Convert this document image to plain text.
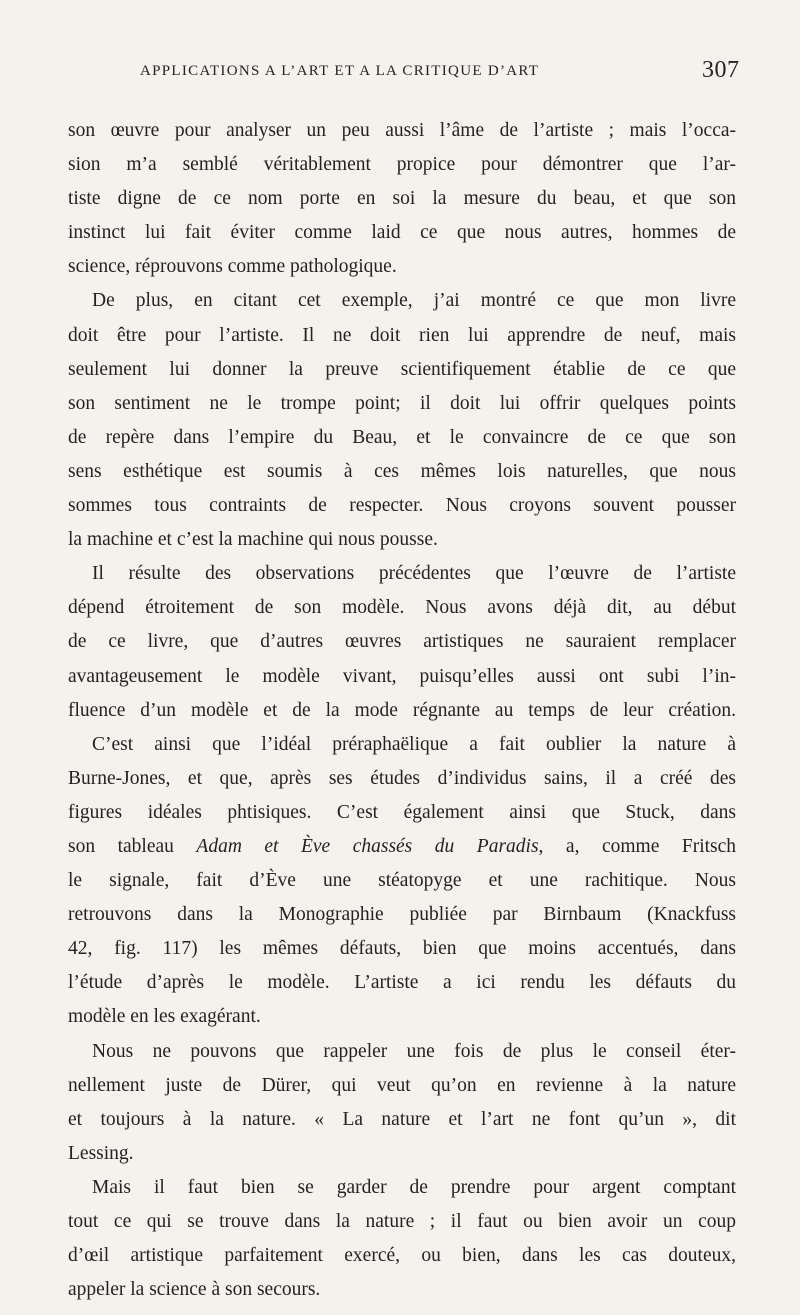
APPLICATIONS A L’ART ET A LA CRITIQUE D’ART	307
son œuvre pour analyser un peu aussi l’âme de l’artiste ; mais l’occa-
sion m’a semblé véritablement propice pour démontrer que l’ar-
tiste digne de ce nom porte en soi la mesure du beau, et que son
instinct lui fait éviter comme laid ce que nous autres, hommes de
science, réprouvons comme pathologique.
De plus, en citant cet exemple, j’ai montré ce que mon livre
doit être pour l’artiste. Il ne doit rien lui apprendre de neuf, mais
seulement lui donner la preuve scientifiquement établie de ce que
son sentiment ne le trompe point; il doit lui offrir quelques points
de repère dans l’empire du Beau, et le convaincre de ce que son
sens esthétique est soumis à ces mêmes lois naturelles, que nous
sommes tous contraints de respecter. Nous croyons souvent pousser
la machine et c’est la machine qui nous pousse.
Il résulte des observations précédentes que l’œuvre de l’artiste
dépend étroitement de son modèle. Nous avons déjà dit, au début
de ce livre, que d’autres œuvres artistiques ne sauraient remplacer
avantageusement le modèle vivant, puisqu’elles aussi ont subi l’in-
fluence d’un modèle et de la mode régnante au temps de leur création.
C’est ainsi que l’idéal préraphaëlique a fait oublier la nature à
Burne-Jones, et que, après ses études d’individus sains, il a créé des
figures idéales phtisiques. C’est également ainsi que Stuck, dans
son tableau Adam et Ève chassés du Paradis, a, comme Fritsch
le signale, fait d’Ève une stéatopyge et une rachitique. Nous
retrouvons dans la Monographie publiée par Birnbaum (Knackfuss
42, fig. 117) les mêmes défauts, bien que moins accentués, dans
l’étude d’après le modèle. L’artiste a ici rendu les défauts du
modèle en les exagérant.
Nous ne pouvons que rappeler une fois de plus le conseil éter-
nellement juste de Dürer, qui veut qu’on en revienne à la nature
et toujours à la nature. « La nature et l’art ne font qu’un », dit
Lessing.
Mais il faut bien se garder de prendre pour argent comptant
tout ce qui se trouve dans la nature ; il faut ou bien avoir un coup
d’œil artistique parfaitement exercé, ou bien, dans les cas douteux,
appeler la science à son secours.
